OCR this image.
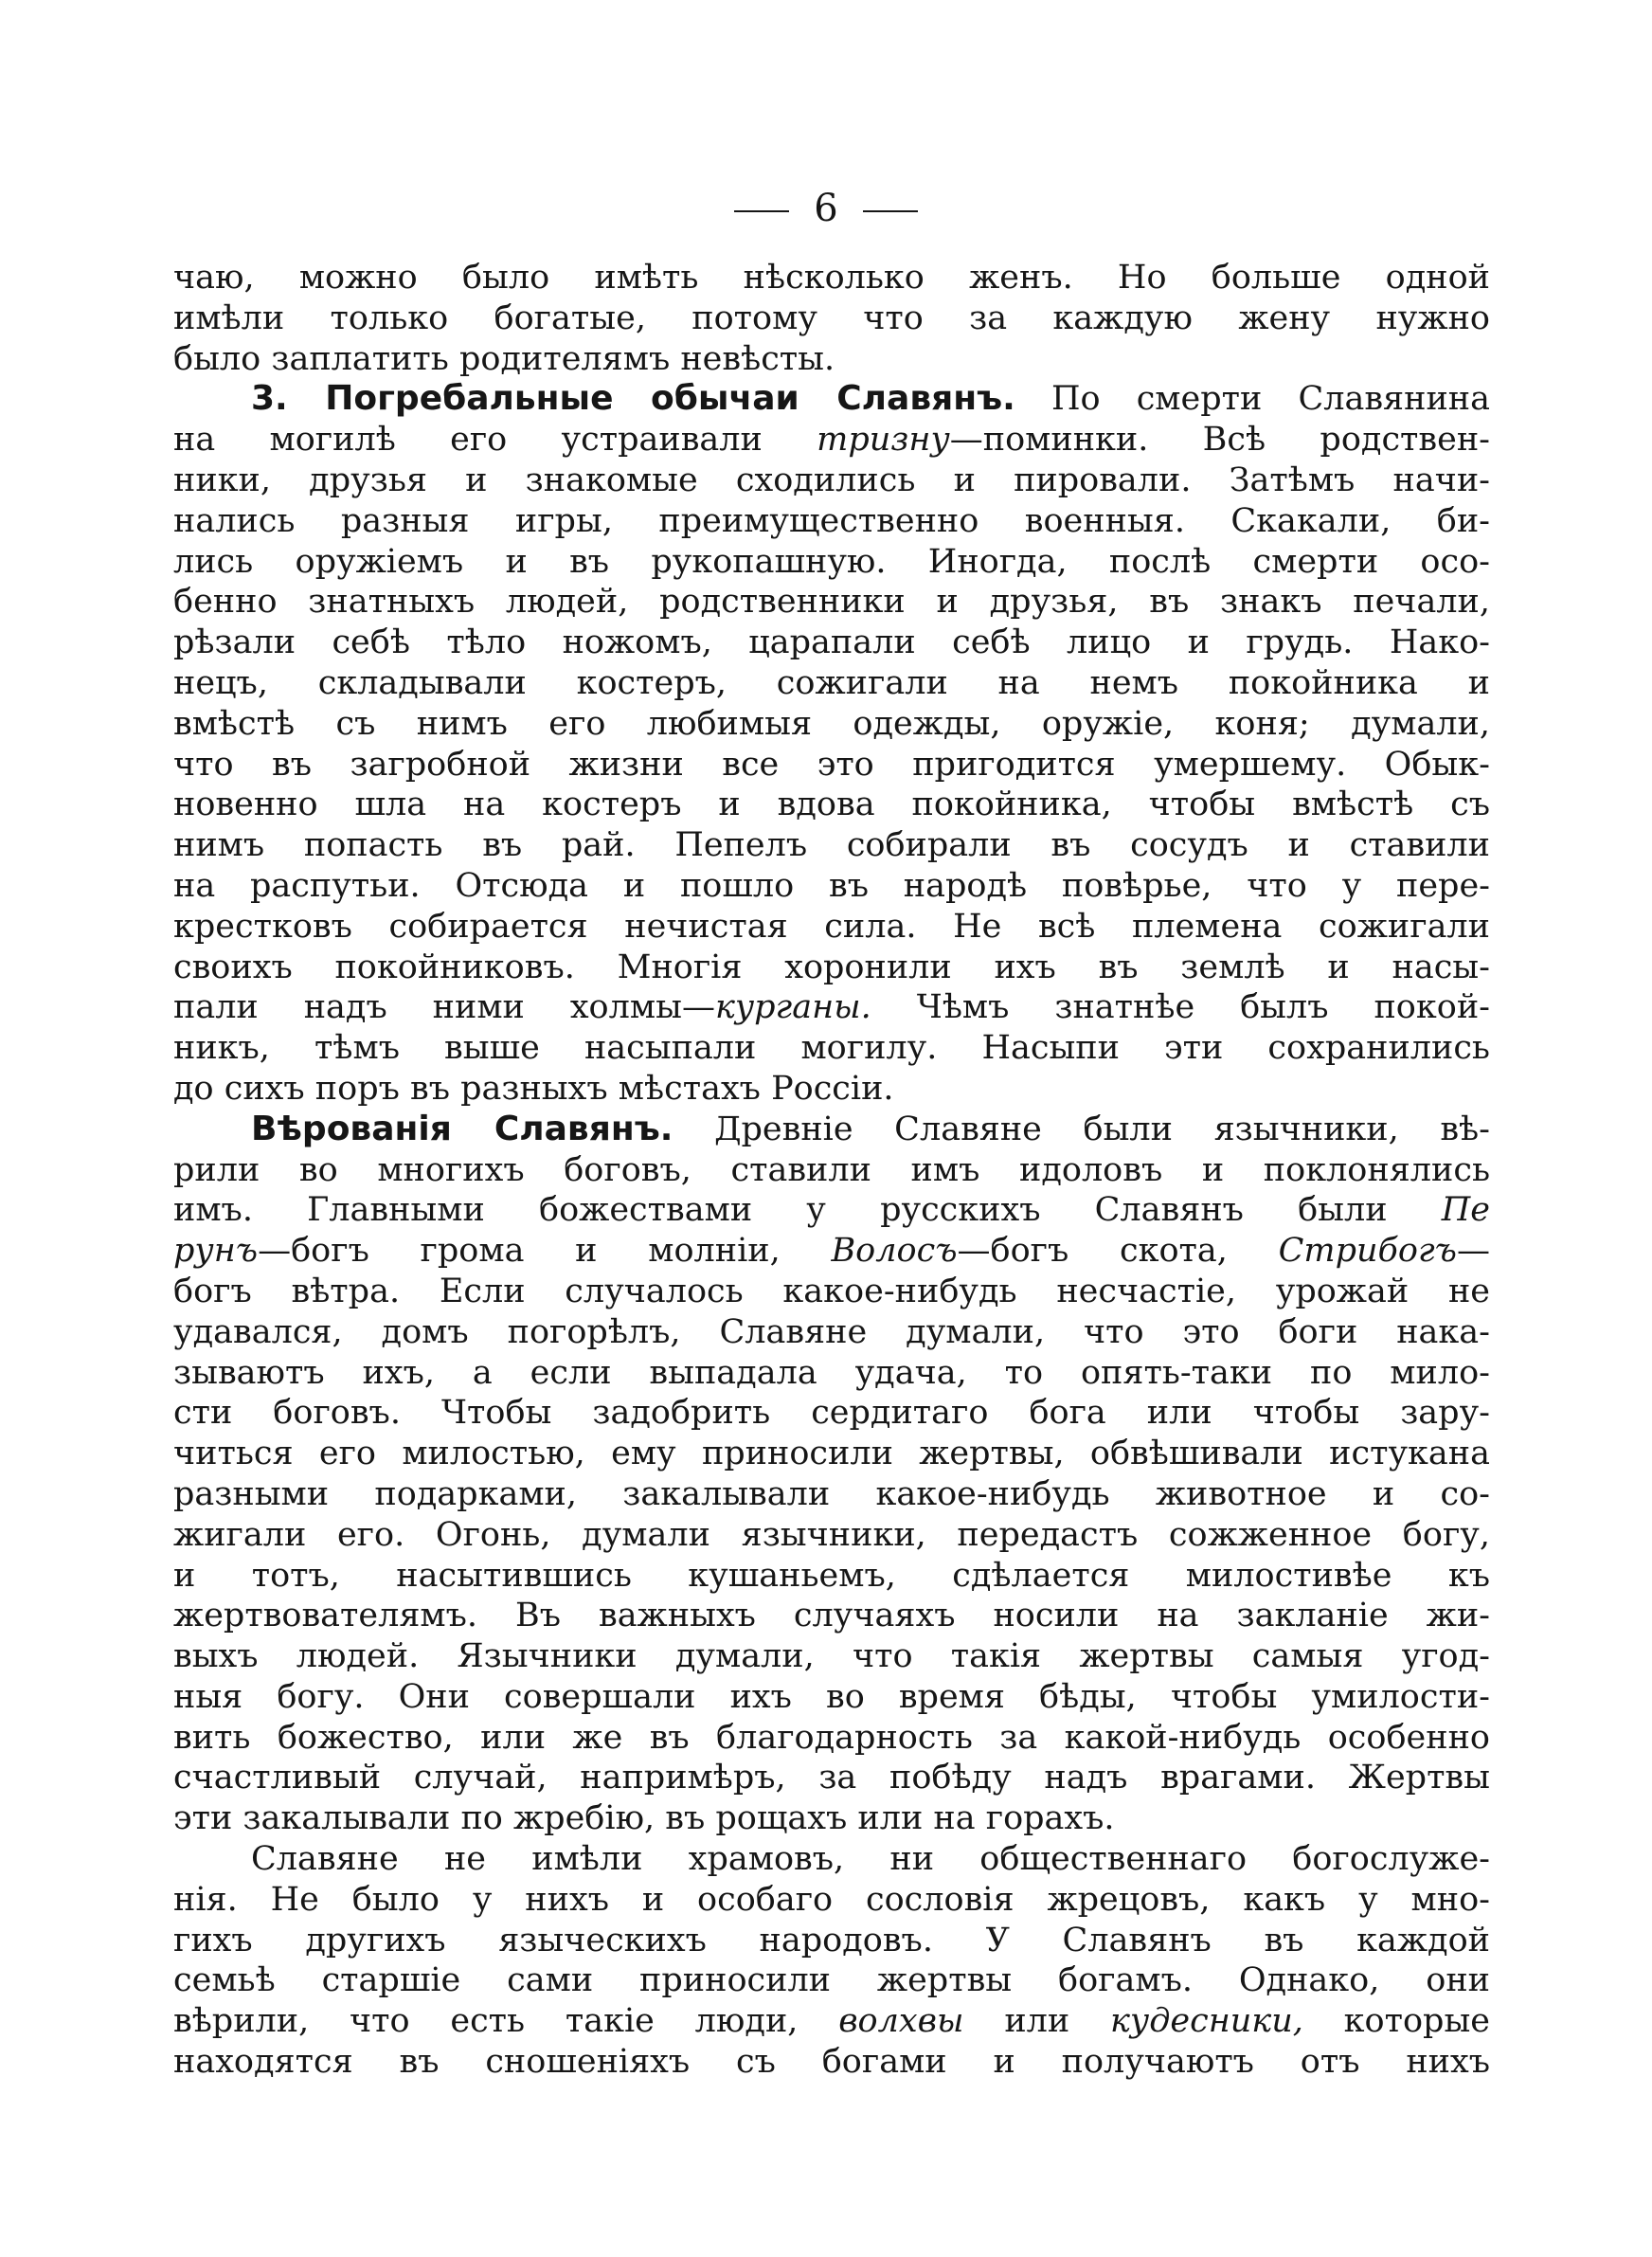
6
чаю, можно было имѣть нѣсколько женъ. Но больше одной
имѣли только богатые, потому что за каждую жену нужно
было заплатить родителямъ невѣсты.
3. Погребальные обычаи Славянъ. По смерти Славянина
на могилѣ его устраивали тризну—поминки. Всѣ родствен-
ники, друзья и знакомые сходились и пировали. Затѣмъ начи-
нались разныя игры, преимущественно военныя. Скакали, би-
лись оружіемъ и въ рукопашную. Иногда, послѣ смерти осо-
бенно знатныхъ людей, родственники и друзья, въ знакъ печали,
рѣзали себѣ тѣло ножомъ, царапали себѣ лицо и грудь. Нако-
нецъ, складывали костеръ, сожигали на немъ покойника и
вмѣстѣ съ нимъ его любимыя одежды, оружіе, коня; думали,
что въ загробной жизни все это пригодится умершему. Обык-
новенно шла на костеръ и вдова покойника, чтобы вмѣстѣ съ
нимъ попасть въ рай. Пепелъ собирали въ сосудъ и ставили
на распутьи. Отсюда и пошло въ народѣ повѣрье, что у пере-
крестковъ собирается нечистая сила. Не всѣ племена сожигали
своихъ покойниковъ. Многія хоронили ихъ въ землѣ и насы-
пали надъ ними холмы—курганы. Чѣмъ знатнѣе былъ покой-
никъ, тѣмъ выше насыпали могилу. Насыпи эти сохранились
до сихъ поръ въ разныхъ мѣстахъ Россіи.
Вѣрованія Славянъ. Древніе Славяне были язычники, вѣ-
рили во многихъ боговъ, ставили имъ идоловъ и поклонялись
имъ. Главными божествами у русскихъ Славянъ были Пе
рунъ—богъ грома и молніи, Волосъ—богъ скота, Стрибогъ—
богъ вѣтра. Если случалось какое-нибудь несчастіе, урожай не
удавался, домъ погорѣлъ, Славяне думали, что это боги нака-
зываютъ ихъ, а если выпадала удача, то опять-таки по мило-
сти боговъ. Чтобы задобрить сердитаго бога или чтобы зару-
читься его милостью, ему приносили жертвы, обвѣшивали истукана
разными подарками, закалывали какое-нибудь животное и со-
жигали его. Огонь, думали язычники, передастъ сожженное богу,
и тотъ, насытившись кушаньемъ, сдѣлается милостивѣе къ
жертвователямъ. Въ важныхъ случаяхъ носили на закланіе жи-
выхъ людей. Язычники думали, что такія жертвы самыя угод-
ныя богу. Они совершали ихъ во время бѣды, чтобы умилости-
вить божество, или же въ благодарность за какой-нибудь особенно
счастливый случай, напримѣръ, за побѣду надъ врагами. Жертвы
эти закалывали по жребію, въ рощахъ или на горахъ.
Славяне не имѣли храмовъ, ни общественнаго богослуже-
нія. Не было у нихъ и особаго сословія жрецовъ, какъ у мно-
гихъ другихъ языческихъ народовъ. У Славянъ въ каждой
семьѣ старшіе сами приносили жертвы богамъ. Однако, они
вѣрили, что есть такіе люди, волхвы или кудесники, которые
находятся въ сношеніяхъ съ богами и получаютъ отъ нихъ
